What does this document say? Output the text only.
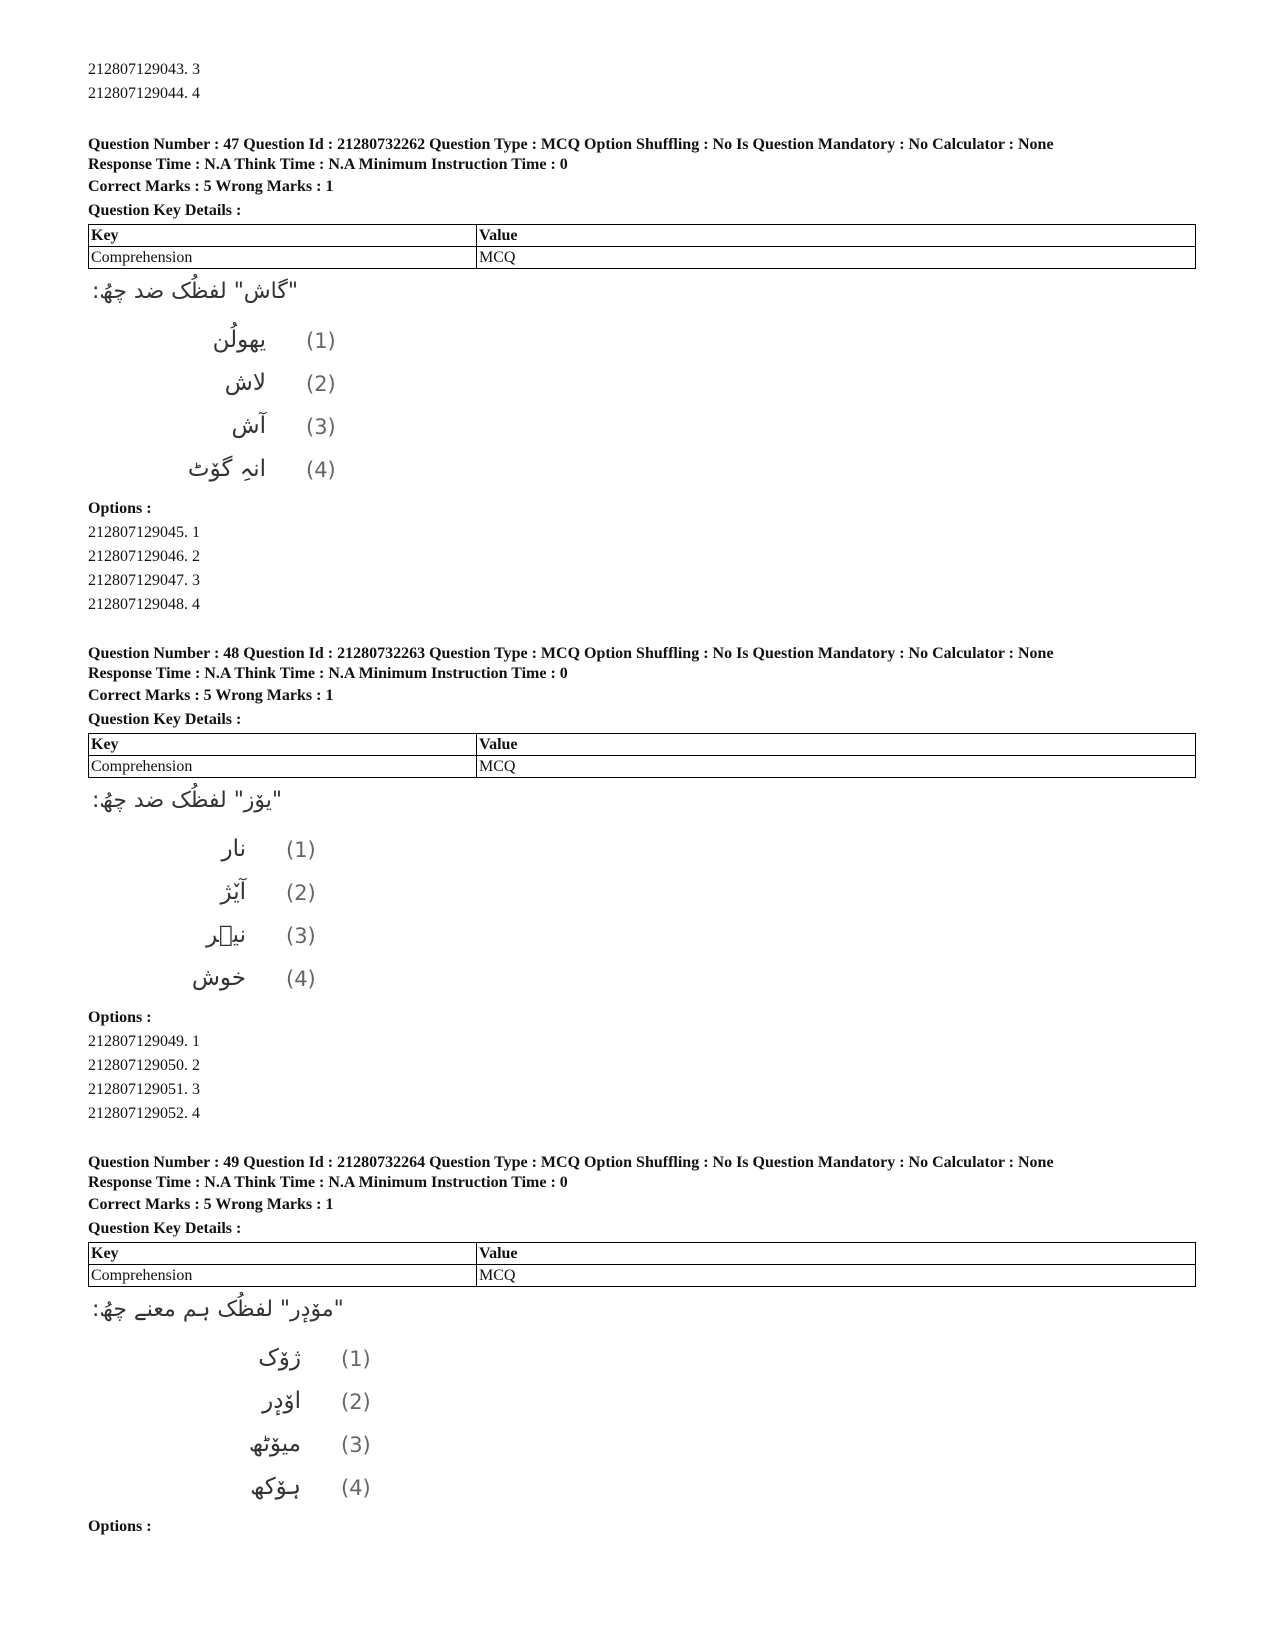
212807129043. 3
212807129044. 4
Question Number : 47 Question Id : 21280732262 Question Type : MCQ Option Shuffling : No Is Question Mandatory : No Calculator : None
Response Time : N.A Think Time : N.A Minimum Instruction Time : 0
Correct Marks : 5 Wrong Marks : 1
Question Key Details :
Key	Value
Comprehension	MCQ
"گاش" لفظُک ضد چھُ:
یھولُن (1)
لاش (2)
آش (3)
انہِ گوٚٹ (4)
Options :
212807129045. 1
212807129046. 2
212807129047. 3
212807129048. 4
Question Number : 48 Question Id : 21280732263 Question Type : MCQ Option Shuffling : No Is Question Mandatory : No Calculator : None
Response Time : N.A Think Time : N.A Minimum Instruction Time : 0
Correct Marks : 5 Wrong Marks : 1
Question Key Details :
Key	Value
Comprehension	MCQ
"یوٚز" لفظُک ضد چھُ:
نار (1)
آیٚژ (2)
نیٖر (3)
خوش (4)
Options :
212807129049. 1
212807129050. 2
212807129051. 3
212807129052. 4
Question Number : 49 Question Id : 21280732264 Question Type : MCQ Option Shuffling : No Is Question Mandatory : No Calculator : None
Response Time : N.A Think Time : N.A Minimum Instruction Time : 0
Correct Marks : 5 Wrong Marks : 1
Question Key Details :
Key	Value
Comprehension	MCQ
"موٚدٕر" لفظُک ہم معنے چھُ:
ژوٚک (1)
اوٚدٕر (2)
میوٚٹھ (3)
ہوٚکھ (4)
Options :
